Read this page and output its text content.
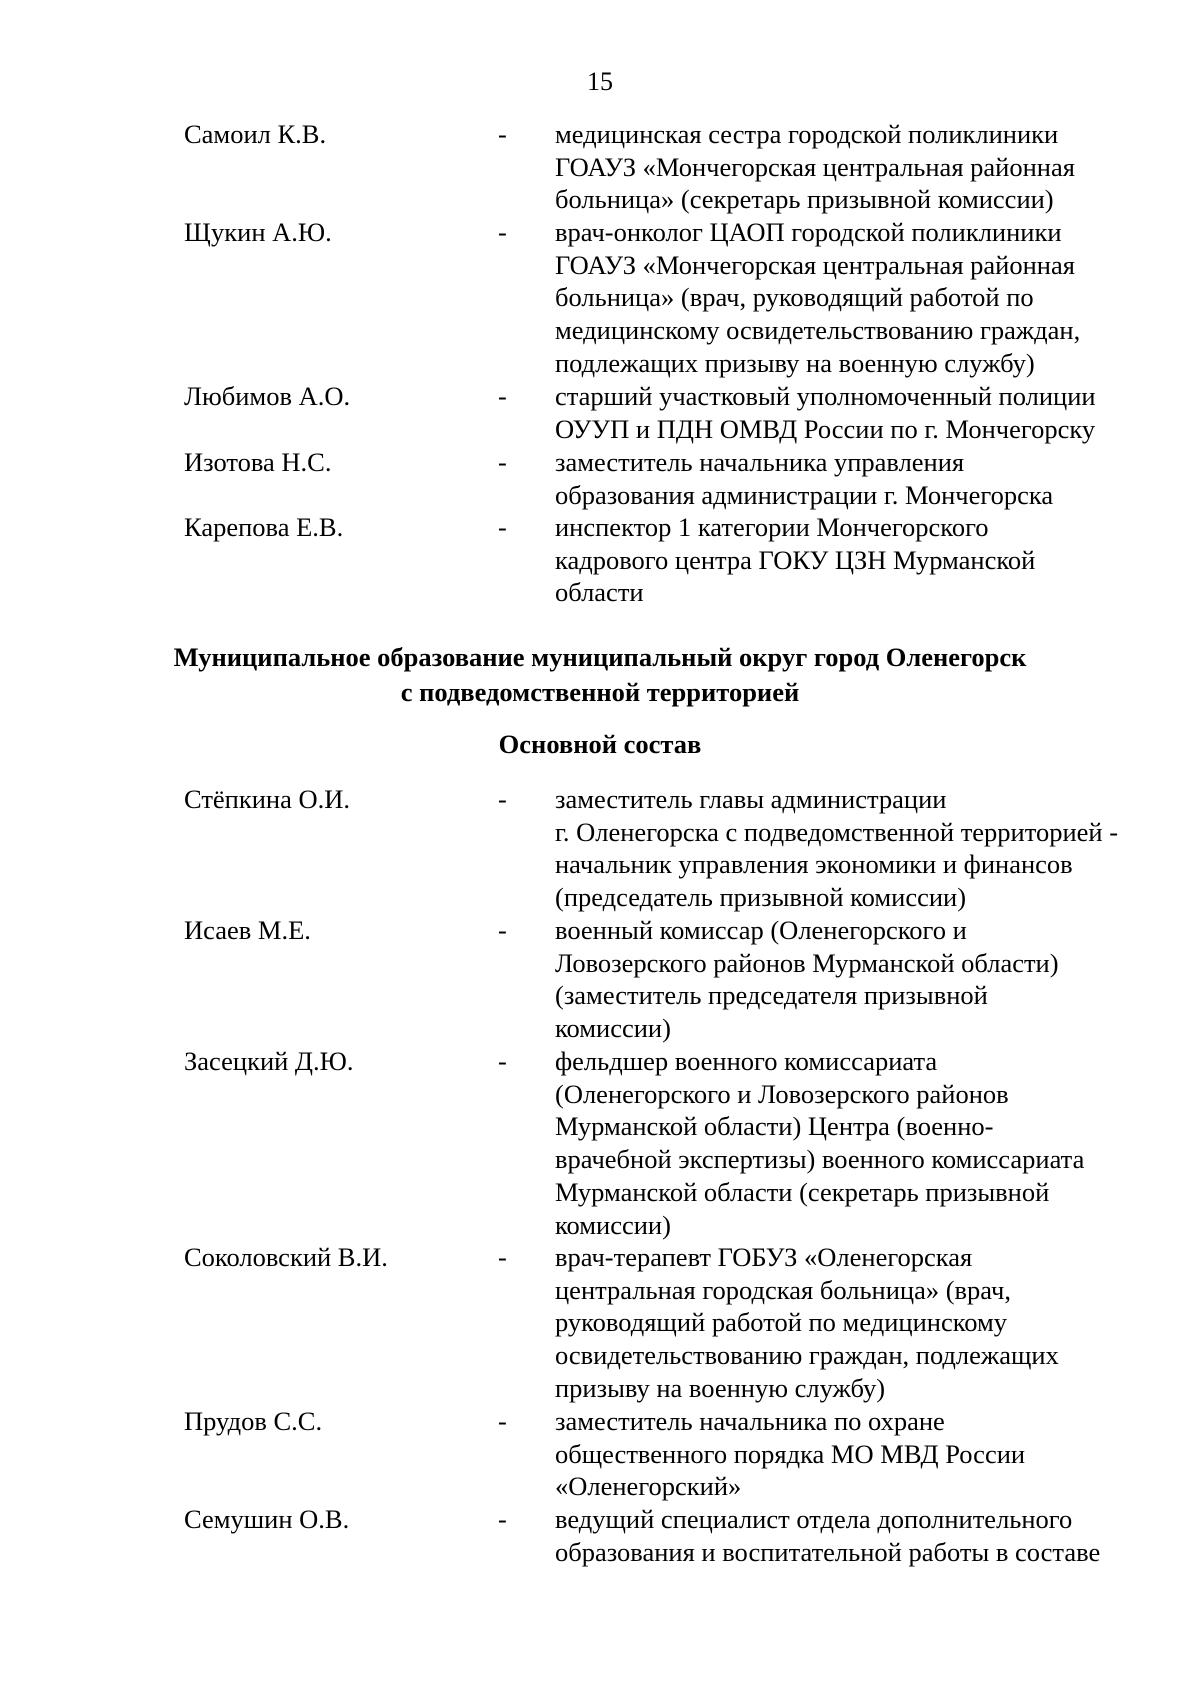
15
Самоил К.В.	- медицинская сестра городской поликлиники
ГОАУЗ «Мончегорская центральная районная
больница» (секретарь призывной комиссии)
Щукин А.Ю.	- врач-онколог ЦАОП городской поликлиники
ГОАУЗ «Мончегорская центральная районная
больница» (врач, руководящий работой по
медицинскому освидетельствованию граждан,
подлежащих призыву на военную службу)
Любимов А.О.	- старший участковый уполномоченный полиции
ОУУП и ПДН ОМВД России по г. Мончегорску
Изотова Н.С.	- заместитель начальника управления
образования администрации г. Мончегорска
Карепова Е.В.	- инспектор 1 категории Мончегорского
кадрового центра ГОКУ ЦЗН Мурманской
области
Муниципальное образование муниципальный округ город Оленегорск
с подведомственной территорией
Основной состав
Стёпкина О.И.	- заместитель главы администрации
г. Оленегорска с подведомственной территорией -
начальник управления экономики и финансов
(председатель призывной комиссии)
Исаев М.Е.	- военный комиссар (Оленегорского и
Ловозерского районов Мурманской области)
(заместитель председателя призывной
комиссии)
Засецкий Д.Ю.	- фельдшер военного комиссариата
(Оленегорского и Ловозерского районов
Мурманской области) Центра (военно-
врачебной экспертизы) военного комиссариата
Мурманской области (секретарь призывной
комиссии)
Соколовский В.И.	- врач-терапевт ГОБУЗ «Оленегорская
центральная городская больница» (врач,
руководящий работой по медицинскому
освидетельствованию граждан, подлежащих
призыву на военную службу)
Прудов С.С.	- заместитель начальника по охране
общественного порядка МО МВД России
«Оленегорский»
Семушин О.В.	- ведущий специалист отдела дополнительного
образования и воспитательной работы в составе
